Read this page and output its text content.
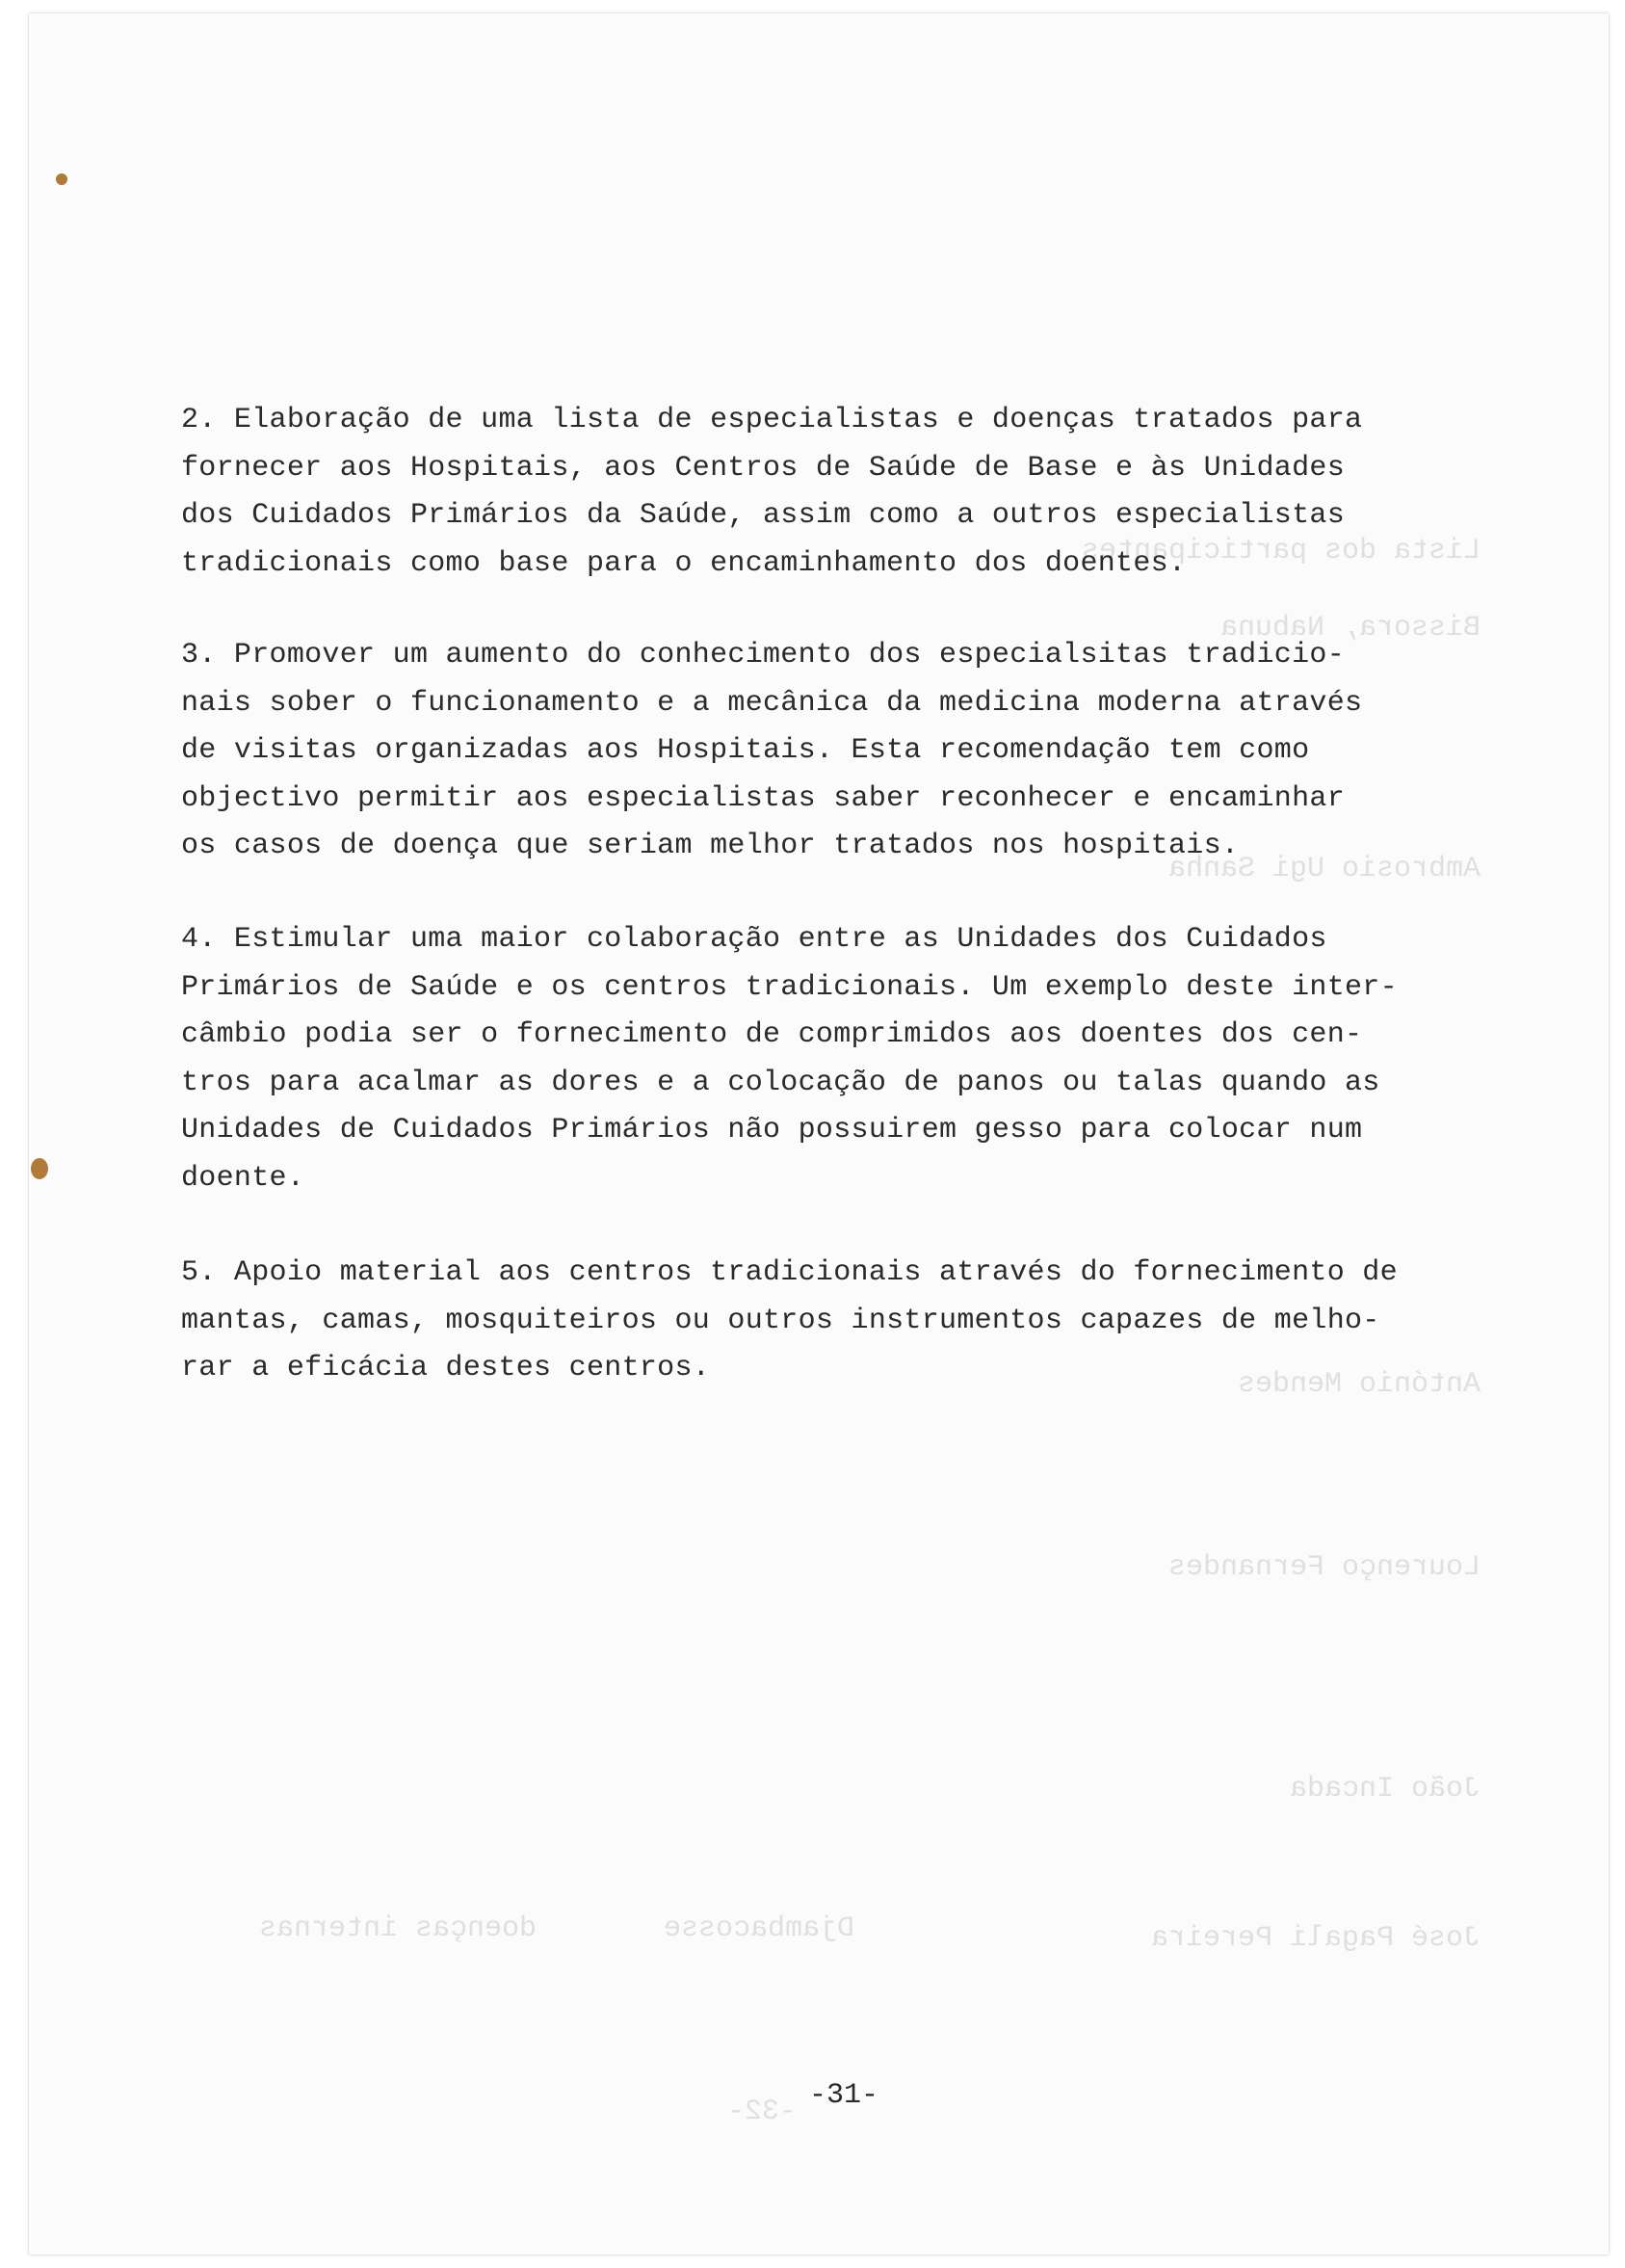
Lista dos participantes
Bissora, Nabuna
Ambrosio Ugi Sanha
António Mendes
Lourenço Fernandes
João Incada
José Pagali Pereira
Djambacosse
doenças internas
-32-
2. Elaboração de uma lista de especialistas e doenças tratados para
fornecer aos Hospitais, aos Centros de Saúde de Base e às Unidades
dos Cuidados Primários da Saúde, assim como a outros especialistas
tradicionais como base para o encaminhamento dos doentes.
3. Promover um aumento do conhecimento dos especialsitas tradicio-
nais sober o funcionamento e a mecânica da medicina moderna através
de visitas organizadas aos Hospitais. Esta recomendação tem como
objectivo permitir aos especialistas saber reconhecer e encaminhar
os casos de doença que seriam melhor tratados nos hospitais.
4. Estimular uma maior colaboração entre as Unidades dos Cuidados
Primários de Saúde e os centros tradicionais. Um exemplo deste inter-
câmbio podia ser o fornecimento de comprimidos aos doentes dos cen-
tros para acalmar as dores e a colocação de panos ou talas quando as
Unidades de Cuidados Primários não possuirem gesso para colocar num
doente.
5. Apoio material aos centros tradicionais através do fornecimento de
mantas, camas, mosquiteiros ou outros instrumentos capazes de melho-
rar a eficácia destes centros.
-31-
